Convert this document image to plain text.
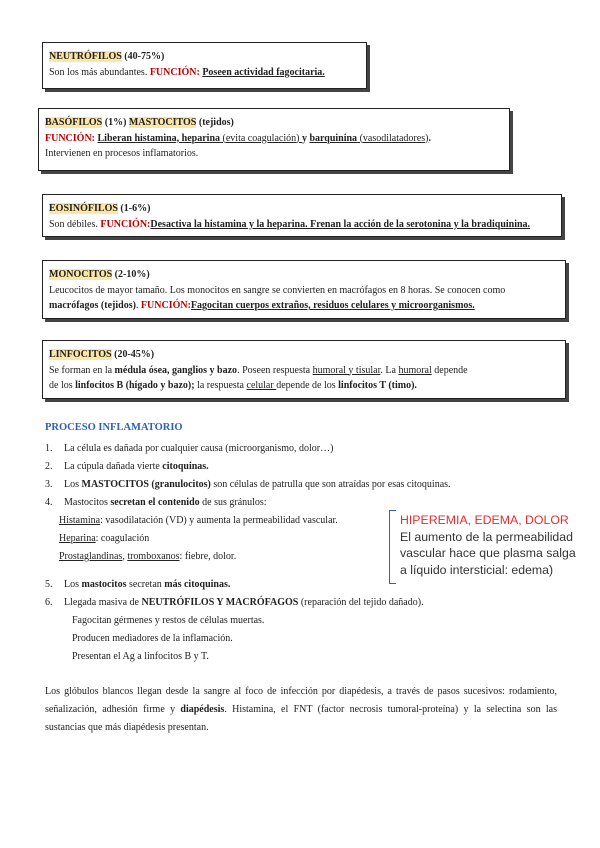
NEUTRÓFILOS (40-75%)
Son los más abundantes. FUNCIÓN: Poseen actividad fagocitaria.
BASÓFILOS (1%) MASTOCITOS (tejidos)
FUNCIÓN: Liberan histamina, heparina (evita coagulación) y barquinina (vasodilatadores).
Intervienen en procesos inflamatorios.
EOSINÓFILOS (1-6%)
Son débiles. FUNCIÓN:Desactiva la histamina y la heparina. Frenan la acción de la serotonina y la bradiquinina.
MONOCITOS (2-10%)
Leucocitos de mayor tamaño. Los monocitos en sangre se convierten en macrófagos en 8 horas. Se conocen como
macrófagos (tejidos). FUNCIÓN:Fagocitan cuerpos extraños, residuos celulares y microorganismos.
LINFOCITOS (20-45%)
Se forman en la médula ósea, ganglios y bazo. Poseen respuesta humoral y tisular. La humoral depende
de los linfocitos B (hígado y bazo); la respuesta celular depende de los linfocitos T (timo).
PROCESO INFLAMATORIO
1. La célula es dañada por cualquier causa (microorganismo, dolor…)
2. La cúpula dañada vierte citoquinas.
3. Los MASTOCITOS (granulocitos) son células de patrulla que son atraídas por esas citoquinas.
4. Mastocitos secretan el contenido de sus gránulos:
Histamina: vasodilatación (VD) y aumenta la permeabilidad vascular.
Heparina: coagulación
Prostaglandinas, tromboxanos: fiebre, dolor.
5. Los mastocitos secretan más citoquinas.
6. Llegada masiva de NEUTRÓFILOS Y MACRÓFAGOS (reparación del tejido dañado).
Fagocitan gérmenes y restos de células muertas.
Producen mediadores de la inflamación.
Presentan el Ag a linfocitos B y T.
HIPEREMIA, EDEMA, DOLOR
El aumento de la permeabilidad
vascular hace que plasma salga
a líquido intersticial: edema)
Los glóbulos blancos llegan desde la sangre al foco de infección por diapédesis, a través de pasos sucesivos: rodamiento, señalización, adhesión firme y diapédesis. Histamina, el FNT (factor necrosis tumoral-proteína) y la selectina son las sustancias que más diapédesis presentan.
